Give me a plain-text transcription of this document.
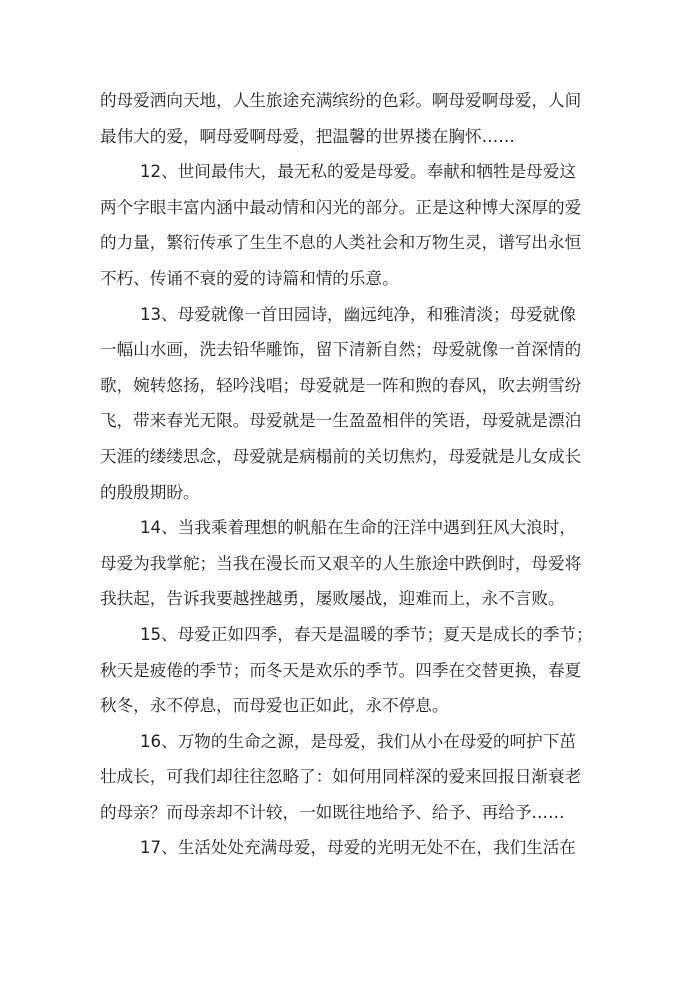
的母爱洒向天地，人生旅途充满缤纷的色彩。啊母爱啊母爱，人间
最伟大的爱，啊母爱啊母爱，把温馨的世界搂在胸怀……

12、世间最伟大，最无私的爱是母爱。奉献和牺牲是母爱这
两个字眼丰富内涵中最动情和闪光的部分。正是这种博大深厚的爱
的力量，繁衍传承了生生不息的人类社会和万物生灵，谱写出永恒
不朽、传诵不衰的爱的诗篇和情的乐意。

13、母爱就像一首田园诗，幽远纯净，和雅清淡；母爱就像
一幅山水画，洗去铅华雕饰，留下清新自然；母爱就像一首深情的
歌，婉转悠扬，轻吟浅唱；母爱就是一阵和煦的春风，吹去朔雪纷
飞，带来春光无限。母爱就是一生盈盈相伴的笑语，母爱就是漂泊
天涯的缕缕思念，母爱就是病榻前的关切焦灼，母爱就是儿女成长
的殷殷期盼。

14、当我乘着理想的帆船在生命的汪洋中遇到狂风大浪时，
母爱为我掌舵；当我在漫长而又艰辛的人生旅途中跌倒时，母爱将
我扶起，告诉我要越挫越勇，屡败屡战，迎难而上，永不言败。

15、母爱正如四季，春天是温暖的季节；夏天是成长的季节；
秋天是疲倦的季节；而冬天是欢乐的季节。四季在交替更换，春夏
秋冬，永不停息，而母爱也正如此，永不停息。

16、万物的生命之源，是母爱，我们从小在母爱的呵护下茁
壮成长，可我们却往往忽略了：如何用同样深的爱来回报日渐衰老
的母亲？而母亲却不计较，一如既往地给予、给予、再给予……

17、生活处处充满母爱，母爱的光明无处不在，我们生活在
